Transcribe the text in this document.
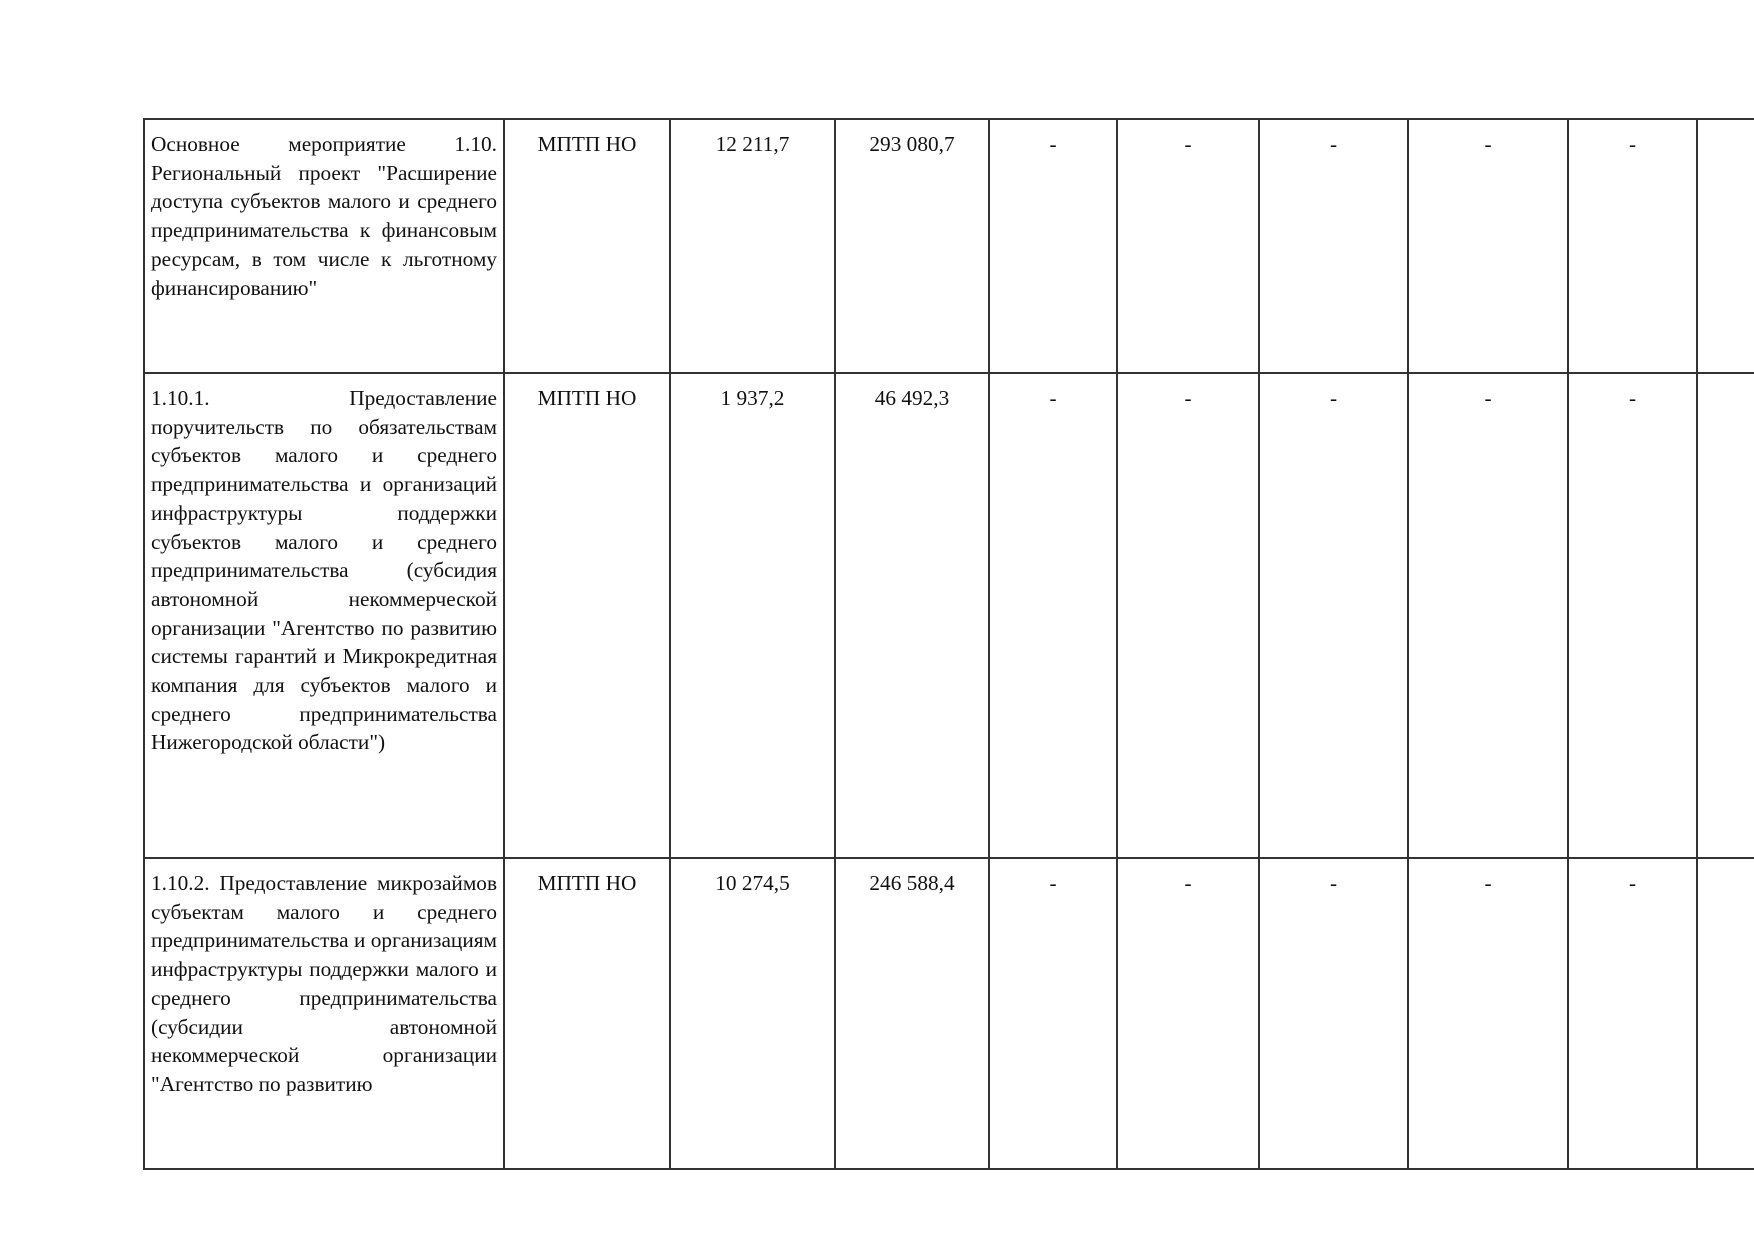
Основное мероприятие 1.10. Региональный проект "Расширение доступа субъектов малого и среднего предпринимательства к финансовым ресурсам, в том числе к льготному финансированию"	МПТП НО	12 211,7	293 080,7	-	-	-	-	-	
1.10.1. Предоставление поручительств по обязательствам субъектов малого и среднего предпринимательства и организаций инфраструктуры поддержки субъектов малого и среднего предпринимательства (субсидия автономной некоммерческой организации "Агентство по развитию системы гарантий и Микрокредитная компания для субъектов малого и среднего предпринимательства Нижегородской области")	МПТП НО	1 937,2	46 492,3	-	-	-	-	-	
1.10.2. Предоставление микрозаймов субъектам малого и среднего предпринимательства и организациям инфраструктуры поддержки малого и среднего предпринимательства (субсидии автономной некоммерческой организации "Агентство по развитию	МПТП НО	10 274,5	246 588,4	-	-	-	-	-	
